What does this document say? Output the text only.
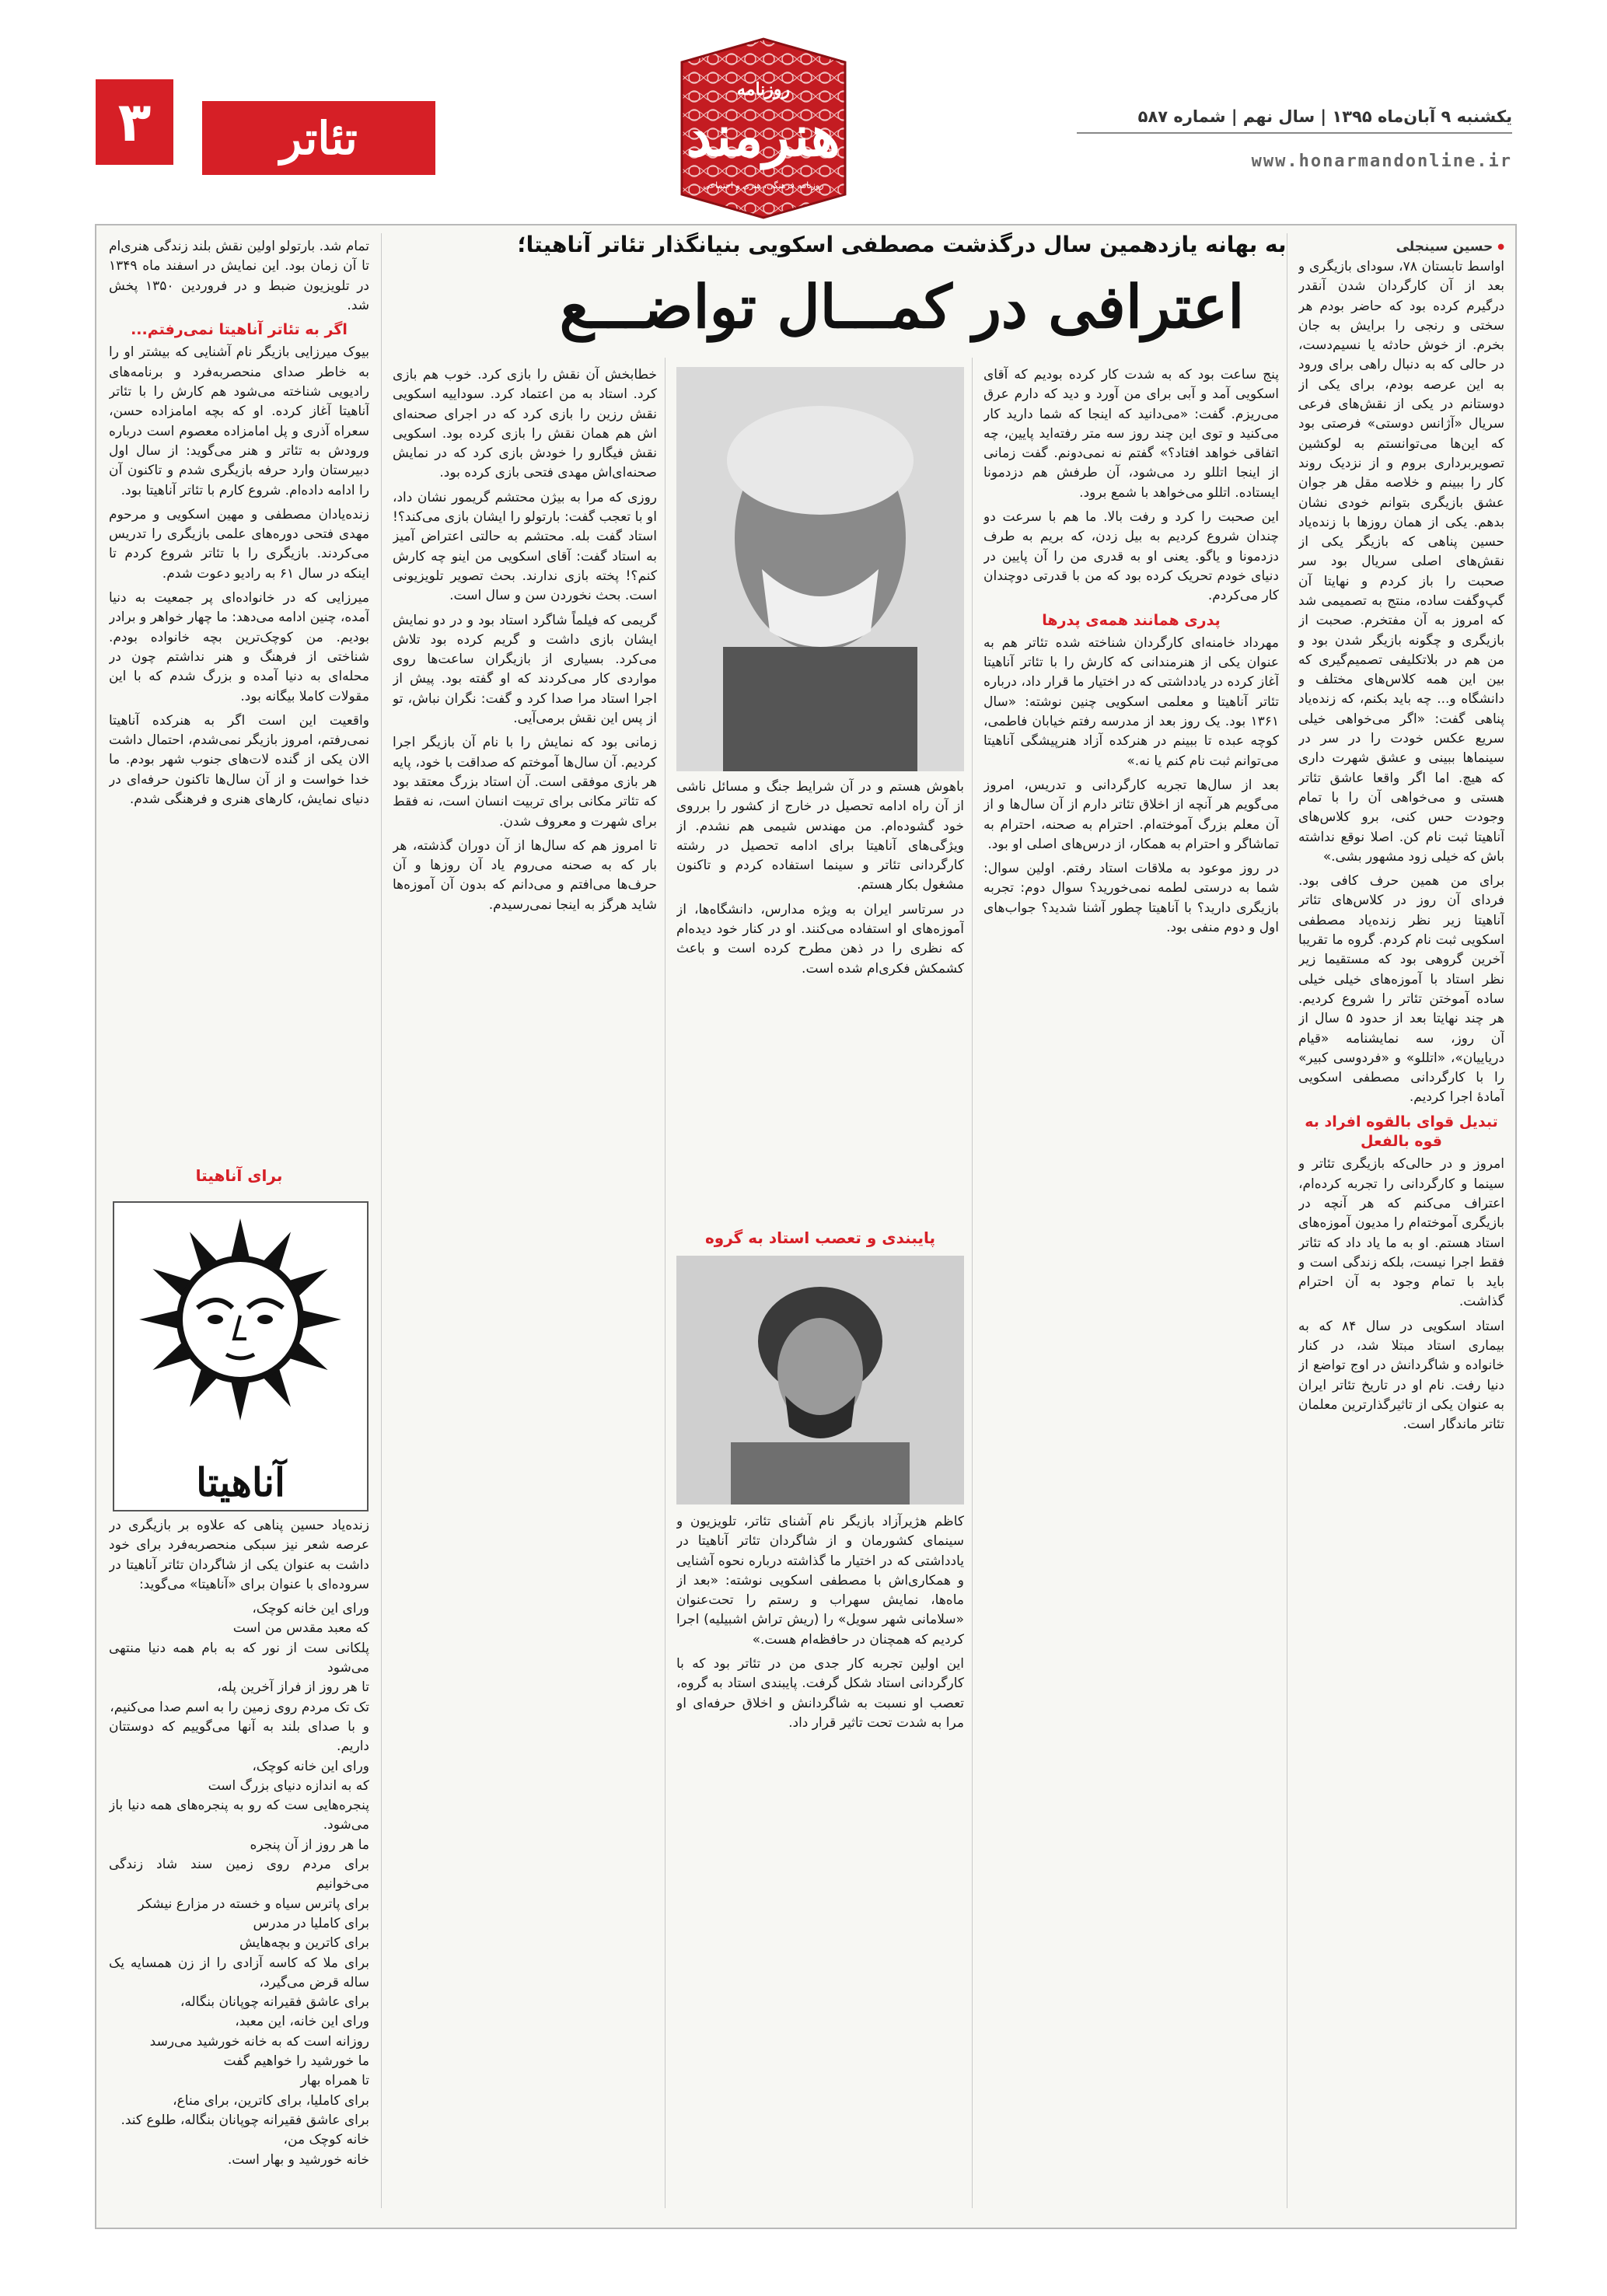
۳	تئاتر
روزنامه
هنرمند
روزنامه فرهنگی، هنری و اجتماعی
یکشنبه ۹ آبان‌ماه ۱۳۹۵ | سال نهم | شماره ۵۸۷
www.honarmandonline.ir
به بهانه یازدهمین سال درگذشت مصطفی اسکویی بنیانگذار تئاتر آناهیتا؛
اعترافی در کمـــال تواضـــع
● حسین سینجلی

اواسط تابستان ۷۸، سودای بازیگری و بعد از آن کارگردان شدن آنقدر درگیرم کرده بود که حاضر بودم هر سختی و رنجی را برایش به جان بخرم. از خوش حادثه یا نسیم‌دست، در حالی که به دنبال راهی برای ورود به این عرصه بودم، برای یکی از دوستانم در یکی از نقش‌های فرعی سریال «آژانس دوستی» فرصتی بود که این‌ها می‌توانستم به لوکشین تصویربرداری بروم و از نزدیک روند کار را ببینم و خلاصه مقل هر جوان عشق بازیگری بتوانم خودی نشان بدهم. یکی از همان روزها با زنده‌یاد حسین پناهی که بازیگر یکی از نقش‌های اصلی سریال بود سر صحبت را باز کردم و نهایتا آن گپ‌وگفت ساده، منتج به تصمیمی شد که امروز به آن مفتخرم. صحبت از بازیگری و چگونه بازیگر شدن بود و من هم در بلاتکلیفی تصمیم‌گیری که بین این همه کلاس‌های مختلف و دانشگاه و... چه باید بکنم، که زنده‌یاد پناهی گفت: «اگر می‌خواهی خیلی سریع عکس خودت را در سر در سینماها ببینی و عشق شهرت داری که هیچ. اما اگر واقعا عاشق تئاتر هستی و می‌خواهی آن را با تمام وجودت حس کنی، برو کلاس‌های آناهیتا ثبت نام کن. اصلا نوقع نداشته باش که خیلی زود مشهور بشی.»

برای من همین حرف کافی بود. فردای آن روز در کلاس‌های تئاتر آناهیتا زیر نظر زنده‌یاد مصطفی اسکویی ثبت نام کردم. گروه ما تقریبا آخرین گروهی بود که مستقیما زیر نظر استاد با آموزه‌های خیلی خیلی ساده آموختن تئاتر را شروع کردیم. هر چند نهایتا بعد از حدود ۵ سال از آن روز، سه نمایشنامه «قیام دریاییان»، «اتللو» و «فردوسی کبیر» را با کارگردانی مصطفی اسکویی آمادهٔ اجرا کردیم.

تبدیل قوای بالقوه افراد به قوه بالفعل

امروز و در حالی‌که بازیگری تئاتر و سینما و کارگردانی را تجربه کرده‌ام، اعتراف می‌کنم که هر آنچه در بازیگری آموخته‌ام را مدیون آموزه‌های استاد هستم. او به ما یاد داد که تئاتر فقط اجرا نیست، بلکه زندگی است و باید با تمام وجود به آن احترام گذاشت.

استاد اسکویی در سال ۸۴ که به بیماری استاد مبتلا شد، در کنار خانواده و شاگردانش در اوج تواضع از دنیا رفت. نام او در تاریخ تئاتر ایران به عنوان یکی از تاثیرگذارترین معلمان تئاتر ماندگار است.

پنج ساعت بود که به شدت کار کرده بودیم که آقای اسکویی آمد و آبی برای من آورد و دید که دارم عرق می‌ریزم. گفت: «می‌دانید که اینجا که شما دارید کار می‌کنید و توی این چند روز سه متر رفته‌اید پایین، چه اتفاقی خواهد افتاد؟» گفتم نه نمی‌دونم. گفت زمانی از اینجا اتللو رد می‌شود، آن طرفش هم دزدمونا ایستاده. اتللو می‌خواهد با شمع برود.

این صحبت را کرد و رفت بالا. ما هم با سرعت دو چندان شروع کردیم به بیل زدن، که بریم به طرف دزدمونا و یاگو. یعنی او به قدری من را آن پایین در دنیای خودم تحریک کرده بود که من با قدرتی دوچندان کار می‌کردم.

پدری همانند همه‌ی پدرها

مهرداد خامنه‌ای کارگردان شناخته شده تئاتر هم به عنوان یکی از هنرمندانی که کارش را با تئاتر آناهیتا آغاز کرده در یادداشتی که در اختیار ما قرار داد، درباره تئاتر آناهیتا و معلمی اسکویی چنین نوشته: «سال ۱۳۶۱ بود. یک روز بعد از مدرسه رفتم خیابان فاطمی، کوچه عبده تا ببینم در هنرکده آزاد هنرپیشگی آناهیتا می‌توانم ثبت نام کنم یا نه.»

بعد از سال‌ها تجربه کارگردانی و تدریس، امروز می‌گویم هر آنچه از اخلاق تئاتر دارم از آن سال‌ها و از آن معلم بزرگ آموخته‌ام. احترام به صحنه، احترام به تماشاگر و احترام به همکار، از درس‌های اصلی او بود.

در روز موعود به ملاقات استاد رفتم. اولین سوال: شما به درستی لطمه نمی‌خورید؟ سوال دوم: تجربه بازیگری دارید؟ با آناهیتا چطور آشنا شدید؟ جواب‌های اول و دوم منفی بود.

باهوش هستم و در آن شرایط جنگ و مسائل ناشی از آن راه ادامه تحصیل در خارج از کشور را برروی خود گشوده‌ام. من مهندس شیمی هم نشدم. از ویژگی‌های آناهیتا برای ادامه تحصیل در رشته کارگردانی تئاتر و سینما استفاده کردم و تاکنون مشغول بکار هستم.

در سرتاسر ایران به ویژه مدارس، دانشگاه‌ها، از آموزه‌های او استفاده می‌کنند. او در کنار خود دیده‌ام که نظری را در ذهن مطرح کرده است و باعث کشمکش فکری‌ام شده است.

پایبندی و تعصب استاد به گروه

کاظم هژیرآزاد بازیگر نام آشنای تئاتر، تلویزیون و سینمای کشورمان و از شاگردان تئاتر آناهیتا در یادداشتی که در اختیار ما گذاشته درباره نحوه آشنایی و همکاری‌اش با مصطفی اسکویی نوشته: «بعد از ماه‌ها، نمایش سهراب و رستم را تحت‌عنوان «سلامانی شهر سویل» را (ریش تراش اشبیلیه) اجرا کردیم که همچنان در حافظه‌ام هست.»

این اولین تجربه کار جدی من در تئاتر بود که با کارگردانی استاد شکل گرفت. پایبندی استاد به گروه، تعصب او نسبت به شاگردانش و اخلاق حرفه‌ای او مرا به شدت تحت تاثیر قرار داد.

خطابخش آن نقش را بازی کرد. خوب هم بازی کرد. استاد به من اعتماد کرد. سوداییه اسکویی نقش رزین را بازی کرد که در اجرای صحنه‌ای اش هم همان نقش را بازی کرده بود. اسکویی نقش فیگارو را خودش بازی کرد که در نمایش صحنه‌ای‌اش مهدی فتحی بازی کرده بود.

روزی که مرا به بیژن محتشم گریمور نشان داد، او با تعجب گفت: بارتولو را ایشان بازی می‌کند؟! استاد گفت بله. محتشم به حالتی اعتراض آمیز به استاد گفت: آقای اسکویی من اینو چه کارش کنم؟! پخته بازی ندارند. بحث تصویر تلویزیونی است. بحث نخوردن سن و سال است.

گریمی که فیلماً شاگرد استاد بود و در دو نمایش ایشان بازی داشت و گریم کرده بود تلاش می‌کرد. بسیاری از بازیگران ساعت‌ها روی مواردی کار می‌کردند که او گفته بود. پیش از اجرا استاد مرا صدا کرد و گفت: نگران نباش، تو از پس این نقش برمی‌آیی.

زمانی بود که نمایش را با نام آن بازیگر اجرا کردیم. آن سال‌ها آموختم که صداقت با خود، پایه هر بازی موفقی است. آن استاد بزرگ معتقد بود که تئاتر مکانی برای تربیت انسان است، نه فقط برای شهرت و معروف شدن.

تا امروز هم که سال‌ها از آن دوران گذشته، هر بار که به صحنه می‌روم یاد آن روزها و آن حرف‌ها می‌افتم و می‌دانم که بدون آن آموزه‌ها شاید هرگز به اینجا نمی‌رسیدم.

تمام شد. بارتولو اولین نقش بلند زندگی هنری‌ام تا آن زمان بود. این نمایش در اسفند ماه ۱۳۴۹ در تلویزیون ضبط و در فروردین ۱۳۵۰ پخش شد.

اگر به تئاتر آناهیتا نمی‌رفتم...

بیوک میرزایی بازیگر نام آشنایی که بیشتر او را به خاطر صدای منحصربه‌فرد و برنامه‌های رادیویی شناخته می‌شود هم کارش را با تئاتر آناهیتا آغاز کرده. او که بچه امامزاده حسن، سعراه آذری و پل امامزاده معصوم است درباره ورودش به تئاتر و هنر می‌گوید: از سال اول دبیرستان وارد حرفه بازیگری شدم و تاکنون آن را ادامه داده‌ام. شروع کارم با تئاتر آناهیتا بود.

زنده‌یادان مصطفی و مهین اسکویی و مرحوم مهدی فتحی دوره‌های علمی بازیگری را تدریس می‌کردند. بازیگری را با تئاتر شروع کردم تا اینکه در سال ۶۱ به رادیو دعوت شدم.

میرزایی که در خانواده‌ای پر جمعیت به دنیا آمده، چنین ادامه می‌دهد: ما چهار خواهر و برادر بودیم. من کوچک‌ترین بچه خانواده بودم. شناختی از فرهنگ و هنر نداشتم چون در محله‌ای به دنیا آمده و بزرگ شدم که با این مقولات کاملا بیگانه بود.

واقعیت این است اگر به هنرکده آناهیتا نمی‌رفتم، امروز بازیگر نمی‌شدم، احتمال داشت الان یکی از گنده لات‌های جنوب شهر بودم. ما خدا خواست و از آن سال‌ها تاکنون حرفه‌ای در دنیای نمایش، کارهای هنری و فرهنگی شدم.

برای آناهیتا
آناهیتا

زنده‌یاد حسین پناهی که علاوه بر بازیگری در عرصه شعر نیز سبکی منحصربه‌فرد برای خود داشت به عنوان یکی از شاگردان تئاتر آناهیتا در سروده‌ای با عنوان برای «آناهیتا» می‌گوید:

ورای این خانه کوچک،
که معبد مقدس من است
پلکانی ست از نور که به بام همه دنیا منتهی می‌شود
تا هر روز از فراز آخرین پله،
تک تک مردم روی زمین را به اسم صدا می‌کنیم،
و با صدای بلند به آنها می‌گوییم که دوستتان داریم.
ورای این خانه کوچک،
که به اندازه دنیای بزرگ است
پنجره‌هایی ست که رو به پنجره‌های همه دنیا باز می‌شود.
ما هر روز از آن پنجره
برای مردم روی زمین سند شاد زندگی می‌خوانیم
برای پاترس سیاه و خسته در مزارع نیشکر
برای کاملیا در مدرس
برای کاترین و بچه‌هایش
برای ملا که کاسه آزادی را از زن همسایه یک ساله قرض می‌گیرد،
برای عاشق فقیرانه چوپانان بنگاله،
ورای این خانه، این معبد،
روزانه است که به خانه خورشید می‌رسد
ما خورشید را خواهیم گفت
تا همراه بهار
برای کاملیا، برای کاترین، برای مناع،
برای عاشق فقیرانه چوپانان بنگاله، طلوع کند.
خانه کوچک من،
خانه خورشید و بهار است.
